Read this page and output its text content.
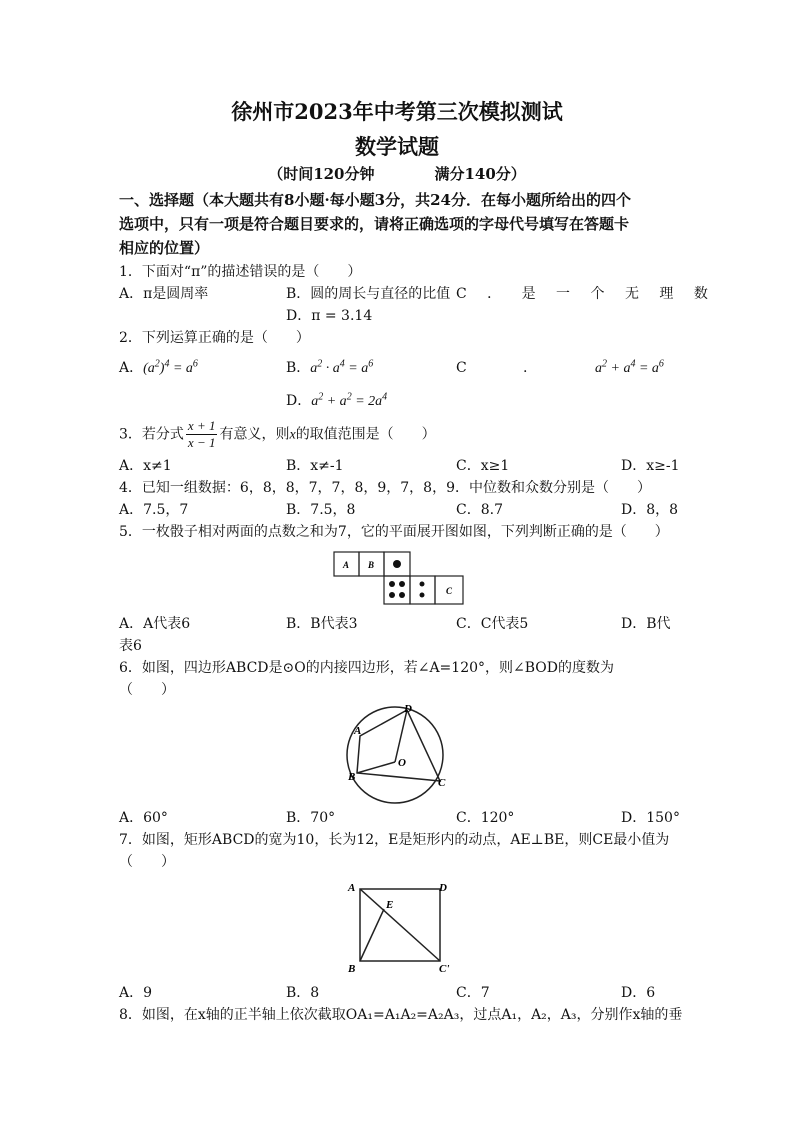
徐州市2023年中考第三次模拟测试
数学试题
（时间120分钟	满分140分）
一、选择题（本大题共有8小题·每小题3分，共24分．在每小题所给出的四个
选项中，只有一项是符合题目要求的，请将正确选项的字母代号填写在答题卡
相应的位置）
1．下面对“π”的描述错误的是（　　）
A．π是圆周率	B．圆的周长与直径的比值 C ． 是 一 个 无 理 数
D．π = 3.14
2．下列运算正确的是（　　）
A．$(a^2)^4 = a^6$	B．$a^2 \cdot a^4 = a^6$	C	.	$a^2 + a^4 = a^6$
D．$a^2 + a^2 = 2a^4$
3．若分式 $\frac{x + 1}{x - 1}$ 有意义，则x的取值范围是（　　）
A．x≠1	B．x≠-1	C．x≥1	D．x≥-1
4．已知一组数据：6，8，8，7，7，8，9，7，8，9．中位数和众数分别是（　　）
A．7.5，7	B．7.5，8	C．8.7	D．8，8
5．一枚骰子相对两面的点数之和为7，它的平面展开图如图，下列判断正确的是（　　）
A B
C
A．A代表6	B．B代表3	C．C代表5	D．B代
表6
6．如图，四边形ABCD是⊙O的内接四边形，若∠A=120°，则∠BOD的度数为
（　　）
A
B	C
D
O
A．60°	B．70°	C．120°	D．150°
7．如图，矩形ABCD的宽为10，长为12，E是矩形内的动点，AE⊥BE，则CE最小值为
（　　）
A
B	C'
D
E
A．9	B．8	C．7	D．6
8．如图，在x轴的正半轴上依次截取OA₁=A₁A₂=A₂A₃，过点A₁，A₂，A₃，分别作x轴的垂
